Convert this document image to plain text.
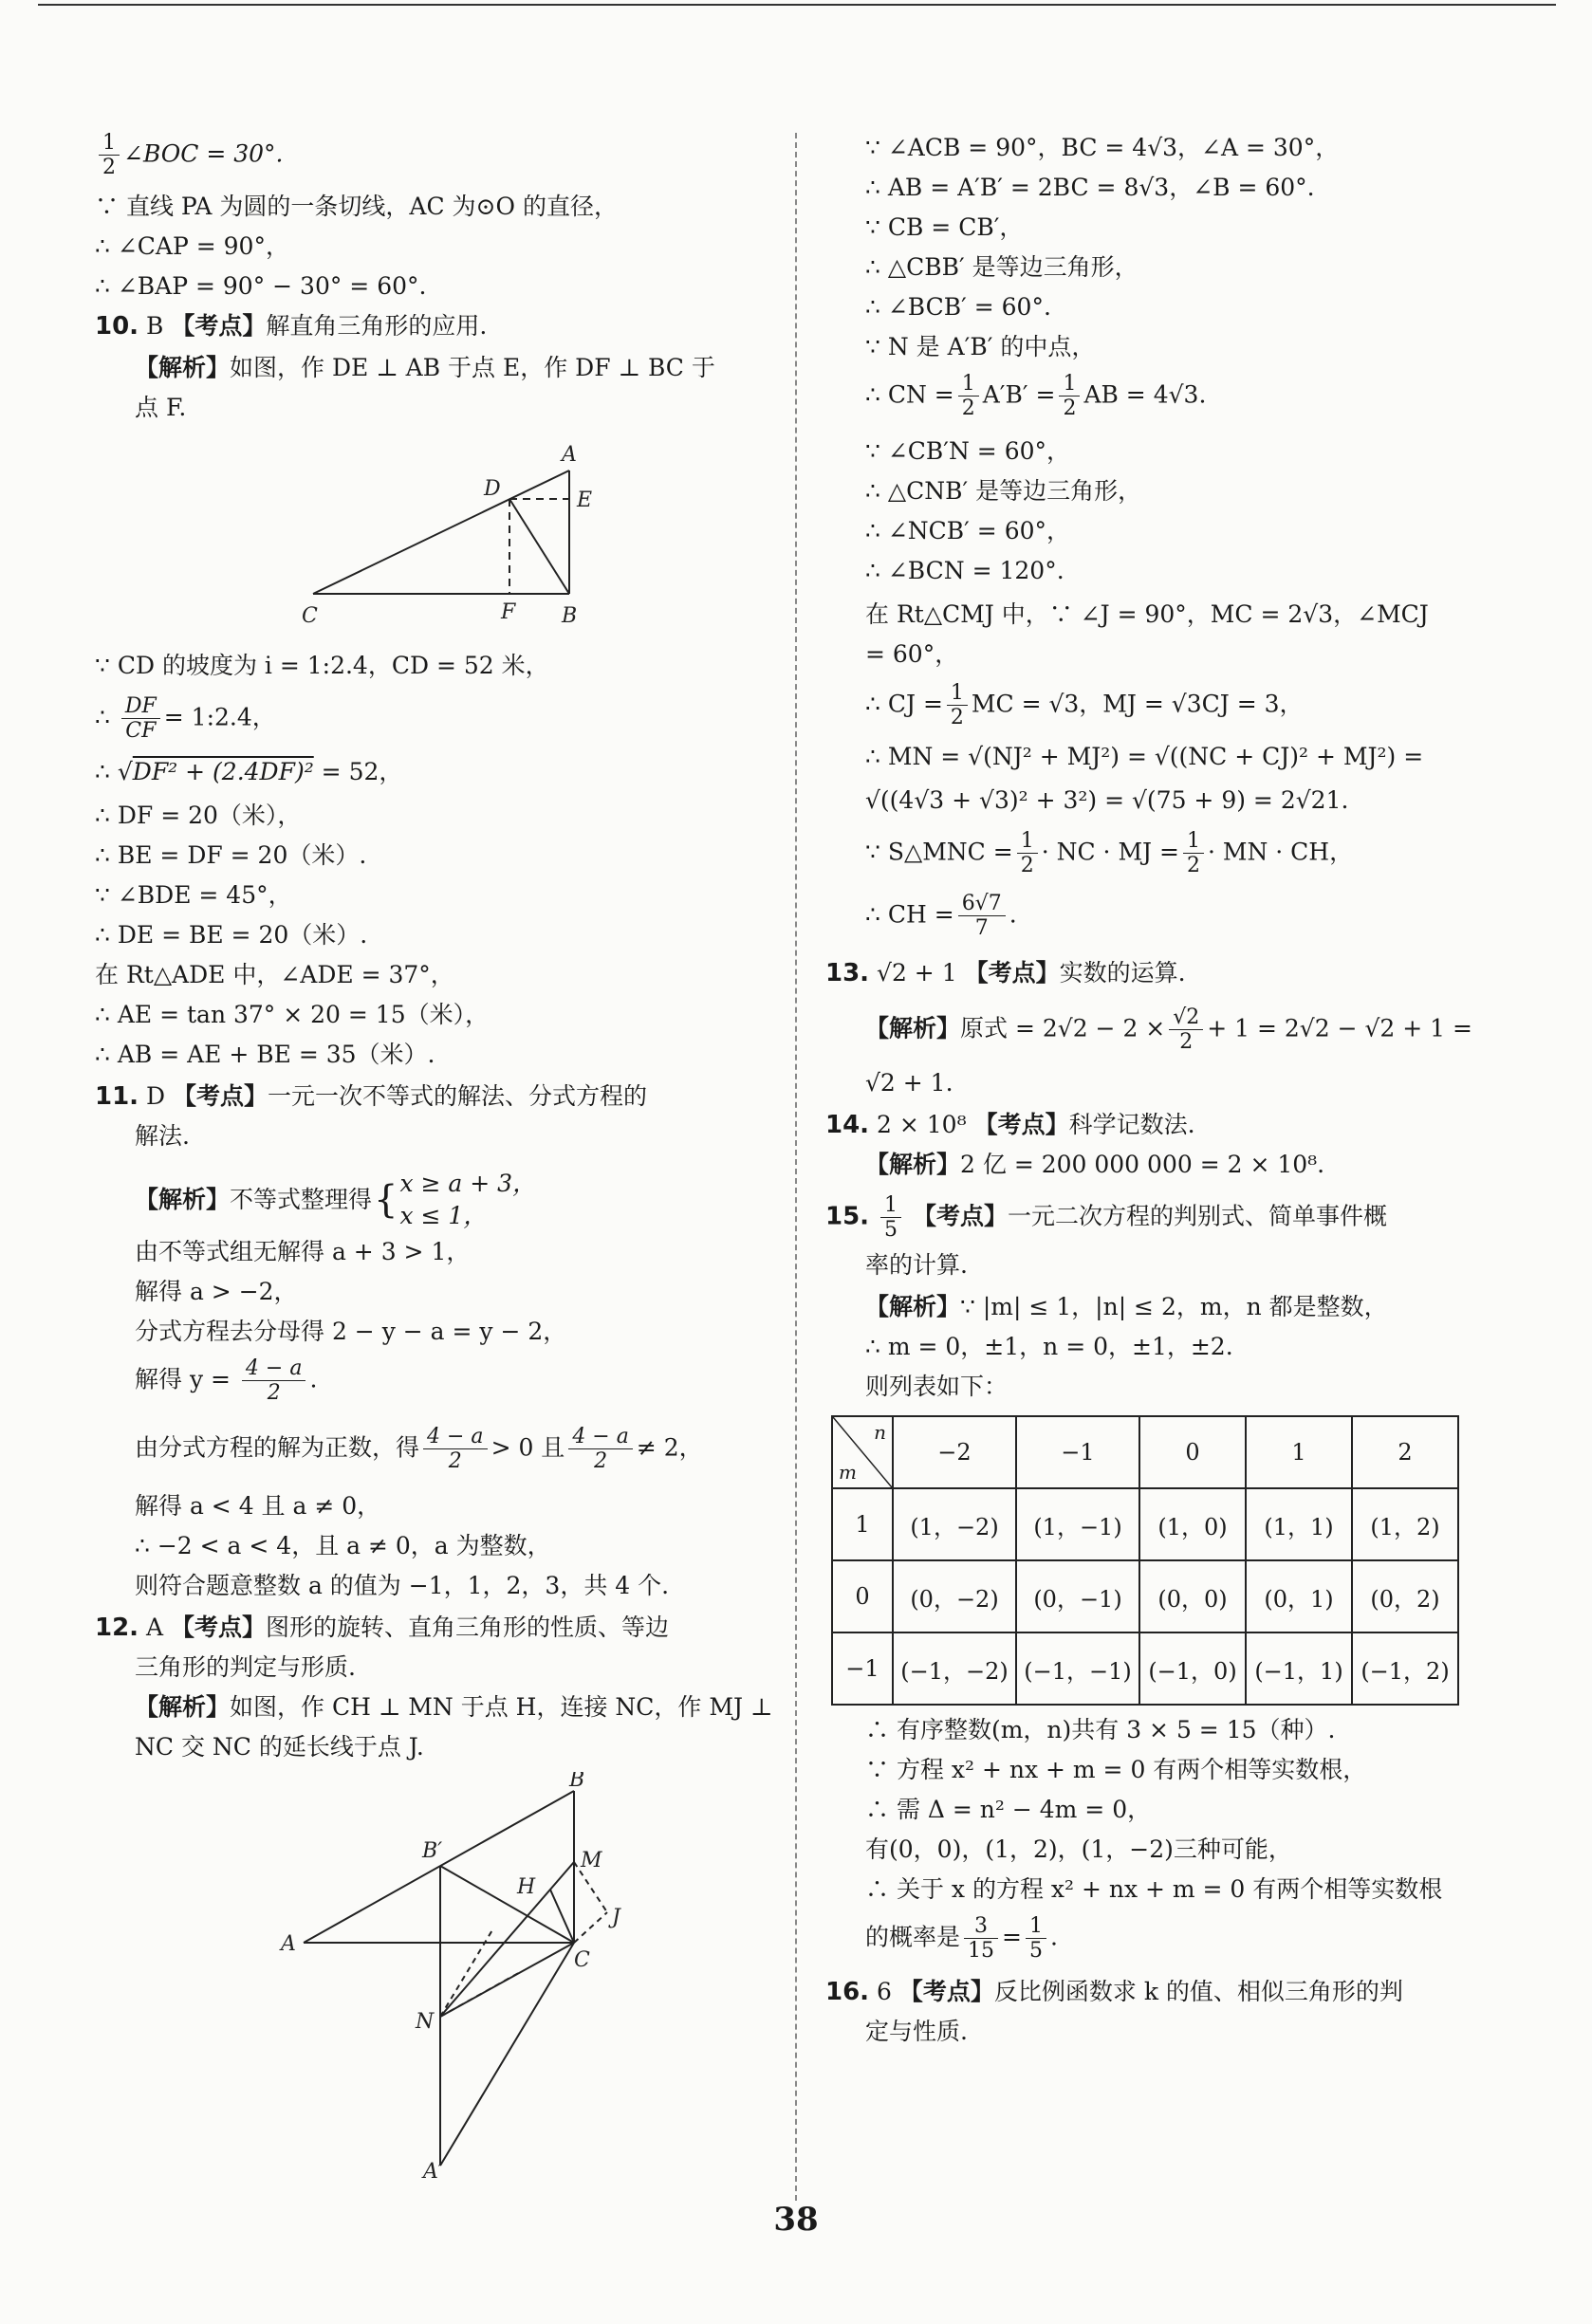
$\frac{1}{2}$ ∠BOC = 30°.
∵ 直线 PA 为圆的一条切线，AC 为⊙O 的直径，
∴ ∠CAP = 90°，
∴ ∠BAP = 90° − 30° = 60°.
10. B 【考点】解直角三角形的应用.
【解析】如图，作 DE ⊥ AB 于点 E，作 DF ⊥ BC 于
点 F.
A
D	E
C	F B
∵ CD 的坡度为 i = 1:2.4，CD = 52 米，
∴ $\frac{DF}{CF}$ = 1:2.4，
∴ √DF² + (2.4DF)² = 52，
∴ DF = 20（米），
∴ BE = DF = 20（米）.
∵ ∠BDE = 45°，
∴ DE = BE = 20（米）.
在 Rt△ADE 中，∠ADE = 37°，
∴ AE = tan 37° × 20 = 15（米），
∴ AB = AE + BE = 35（米）.
11. D 【考点】一元一次不等式的解法、分式方程的
解法.
【解析】 不等式整理得 { x ≥ a + 3，
x ≤ 1，
由不等式组无解得 a + 3 > 1，
解得 a > −2，
分式方程去分母得 2 − y − a = y − 2，
解得 $y = \frac{4 - a}{2}$ .
由分式方程的解为正数，得 $\frac{4 - a}{2} > 0$ 且 $\frac{4 - a}{2} \ne 2$，
解得 a < 4 且 a ≠ 0，
∴ −2 < a < 4，且 a ≠ 0，a 为整数，
则符合题意整数 a 的值为 −1，1，2，3，共 4 个.
12. A 【考点】图形的旋转、直角三角形的性质、等边
三角形的判定与形质.
【解析】如图，作 CH ⊥ MN 于点 H，连接 NC，作 MJ ⊥
NC 交 NC 的延长线于点 J.
B
B′	M
H
J
A
C
N
A′
∵ ∠ACB = 90°，BC = 4√3，∠A = 30°，
∴ AB = A′B′ = 2BC = 8√3，∠B = 60°.
∵ CB = CB′，
∴ △CBB′ 是等边三角形，
∴ ∠BCB′ = 60°.
∵ N 是 A′B′ 的中点，
∴ CN = $\frac{1}{2} A'B' = \frac{1}{2}$ AB = 4√3.
∵ ∠CB′N = 60°，
∴ △CNB′ 是等边三角形，
∴ ∠NCB′ = 60°，
∴ ∠BCN = 120°.
在 Rt△CMJ 中，∵ ∠J = 90°，MC = 2√3，∠MCJ
= 60°，
∴ CJ = $\frac{1}{2}$ MC = √3，MJ = √3CJ = 3，
∴ MN = √(NJ² + MJ²) = √((NC + CJ)² + MJ²) =
√((4√3 + √3)² + 3²) = √(75 + 9) = 2√21.
∵ S△MNC = $\frac{1}{2}$ · NC · MJ = $\frac{1}{2}$ · MN · CH，
∴ CH = $\frac{6√7}{7}$ .
13. √2 + 1 【考点】实数的运算.
【解析】原式 = $2√2 - 2 \times \frac{√2}{2} + 1 = 2√2 - √2 + 1$ =
√2 + 1.
14. 2 × 10⁸ 【考点】科学记数法.
【解析】2 亿 = 200 000 000 = 2 × 10⁸.
15. $\frac{1}{5}$ 【考点】一元二次方程的判别式、简单事件概
率的计算.
【解析】∵ |m| ≤ 1，|n| ≤ 2，m，n 都是整数，
∴ m = 0，±1，n = 0，±1，±2.
则列表如下：
n
m	−2	−1	0	1	2
1	(1，−2)	(1，−1)	(1，0)	(1，1)	(1，2)
0	(0，−2)	(0，−1)	(0，0)	(0，1)	(0，2)
−1	(−1，−2)	(−1，−1)	(−1，0)	(−1，1)	(−1，2)
∴ 有序整数(m，n)共有 3 × 5 = 15（种）.
∵ 方程 x² + nx + m = 0 有两个相等实数根，
∴ 需 Δ = n² − 4m = 0，
有(0，0)，(1，2)，(1，−2)三种可能，
∴ 关于 x 的方程 x² + nx + m = 0 有两个相等实数根
的概率是 $\frac{3}{15} = \frac{1}{5}$ .
16. 6 【考点】反比例函数求 k 的值、相似三角形的判
定与性质.
38
